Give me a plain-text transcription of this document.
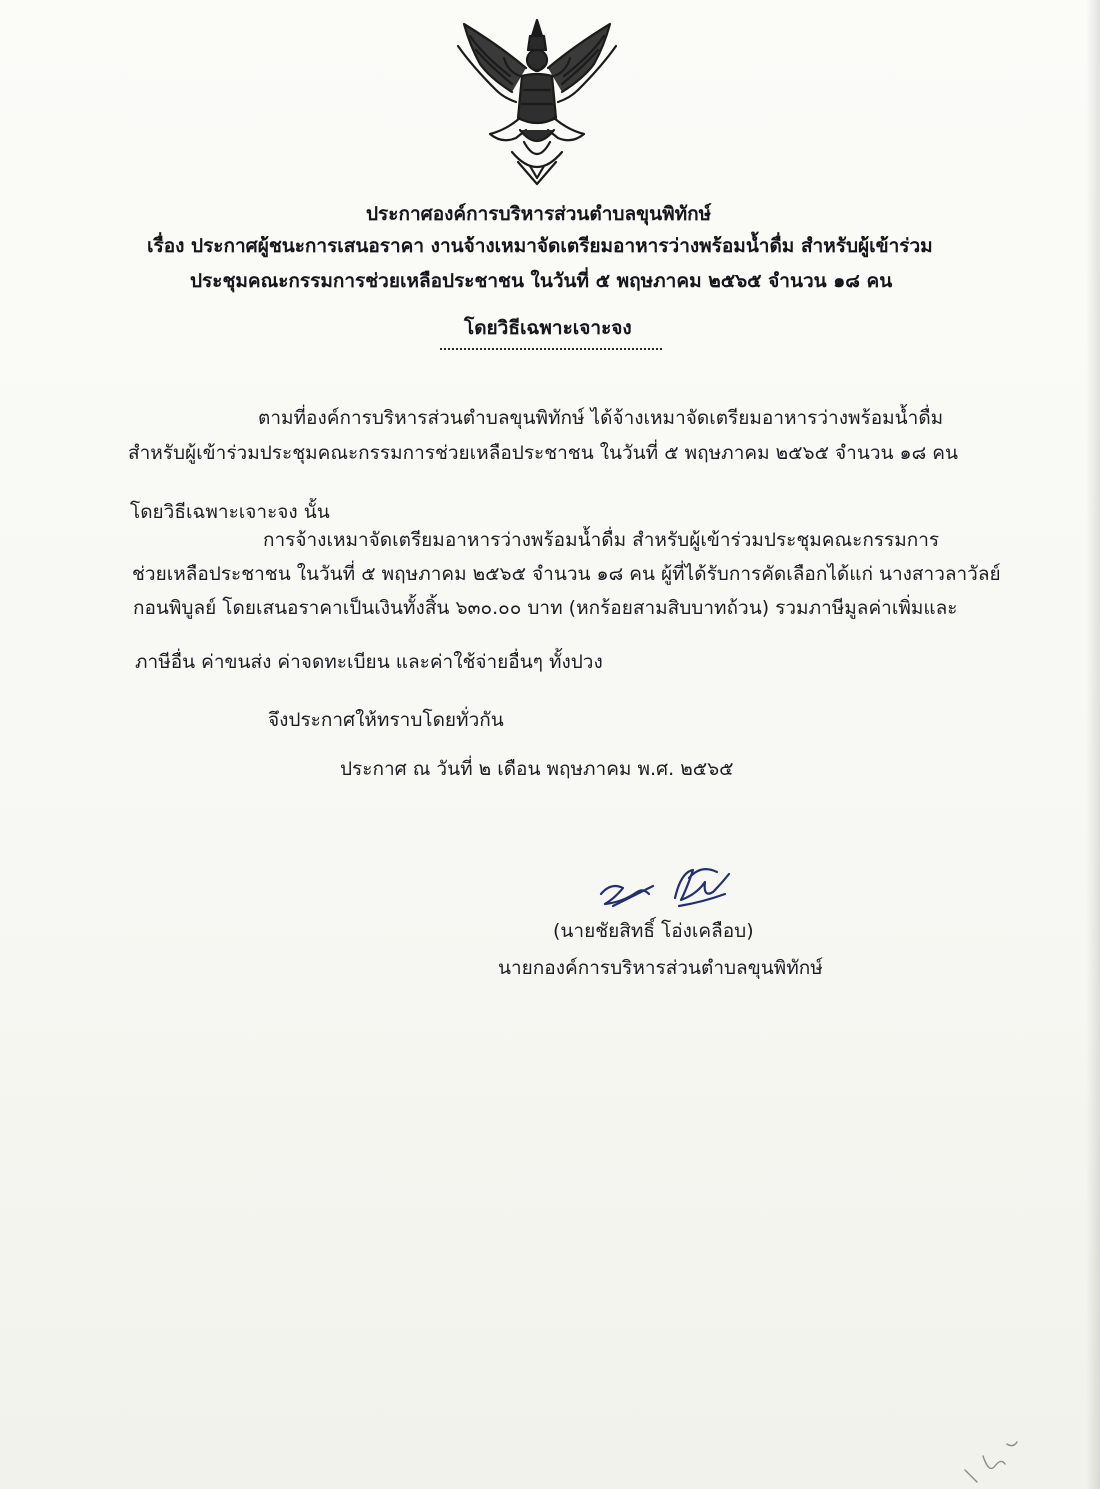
ประกาศองค์การบริหารส่วนตำบลขุนพิทักษ์
เรื่อง ประกาศผู้ชนะการเสนอราคา งานจ้างเหมาจัดเตรียมอาหารว่างพร้อมน้ำดื่ม สำหรับผู้เข้าร่วม
ประชุมคณะกรรมการช่วยเหลือประชาชน ในวันที่ ๕ พฤษภาคม ๒๕๖๕ จำนวน ๑๘ คน
โดยวิธีเฉพาะเจาะจง
ตามที่องค์การบริหารส่วนตำบลขุนพิทักษ์ ได้จ้างเหมาจัดเตรียมอาหารว่างพร้อมน้ำดื่ม
สำหรับผู้เข้าร่วมประชุมคณะกรรมการช่วยเหลือประชาชน ในวันที่ ๕ พฤษภาคม ๒๕๖๕ จำนวน ๑๘ คน
โดยวิธีเฉพาะเจาะจง นั้น
การจ้างเหมาจัดเตรียมอาหารว่างพร้อมน้ำดื่ม สำหรับผู้เข้าร่วมประชุมคณะกรรมการ
ช่วยเหลือประชาชน ในวันที่ ๕ พฤษภาคม ๒๕๖๕ จำนวน ๑๘ คน ผู้ที่ได้รับการคัดเลือกได้แก่ นางสาวลาวัลย์
กอนพิบูลย์ โดยเสนอราคาเป็นเงินทั้งสิ้น ๖๓๐.๐๐ บาท (หกร้อยสามสิบบาทถ้วน) รวมภาษีมูลค่าเพิ่มและ
ภาษีอื่น ค่าขนส่ง ค่าจดทะเบียน และค่าใช้จ่ายอื่นๆ ทั้งปวง
จึงประกาศให้ทราบโดยทั่วกัน
ประกาศ ณ วันที่ ๒ เดือน พฤษภาคม พ.ศ. ๒๕๖๕
(นายชัยสิทธิ์ โอ่งเคลือบ)
นายกองค์การบริหารส่วนตำบลขุนพิทักษ์
